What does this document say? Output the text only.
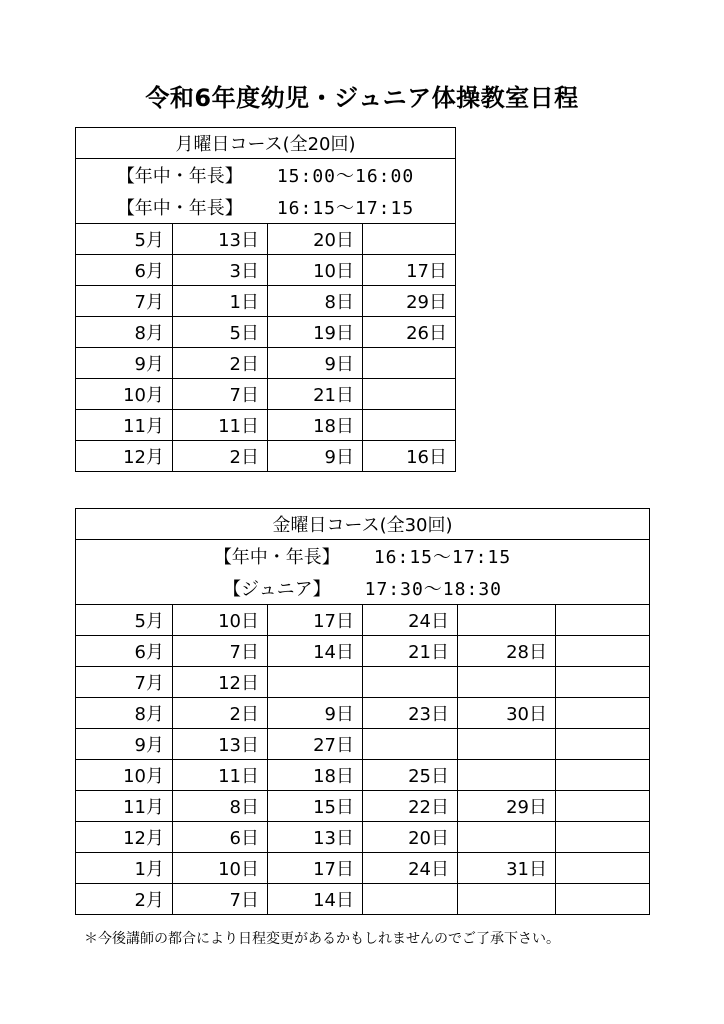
令和6年度幼児・ジュニア体操教室日程
月曜日コース(全20回)			
【年中・年長】 15:00〜16:00			
【年中・年長】 16:15〜17:15			
5月	13日	20日	
6月	3日	10日	17日
7月	1日	8日	29日
8月	5日	19日	26日
9月	2日	9日	
10月	7日	21日	
11月	11日	18日	
12月	2日	9日	16日
金曜日コース(全30回)					
【年中・年長】 16:15〜17:15					
【ジュニア】 17:30〜18:30					
5月	10日	17日	24日		
6月	7日	14日	21日	28日	
7月	12日				
8月	2日	9日	23日	30日	
9月	13日	27日			
10月	11日	18日	25日		
11月	8日	15日	22日	29日	
12月	6日	13日	20日		
1月	10日	17日	24日	31日	
2月	7日	14日			
＊今後講師の都合により日程変更があるかもしれませんのでご了承下さい。
